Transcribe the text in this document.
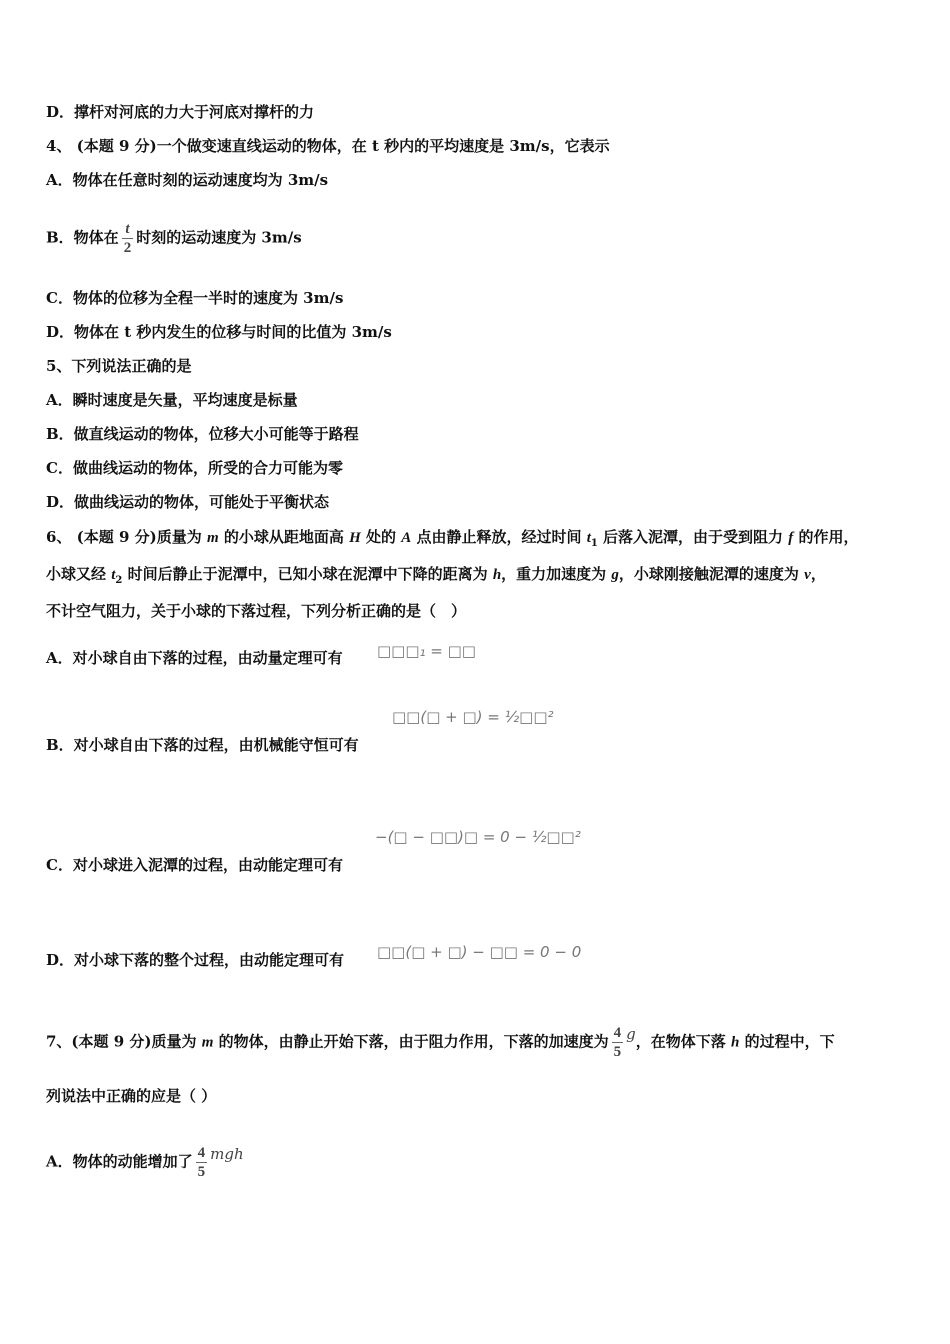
D．撑杆对河底的力大于河底对撑杆的力
4、 (本题 9 分)一个做变速直线运动的物体，在 t 秒内的平均速度是 3m/s，它表示
A．物体在任意时刻的运动速度均为 3m/s
B．物体在 $\frac{t}{2}$ 时刻的运动速度为 3m/s
C．物体的位移为全程一半时的速度为 3m/s
D．物体在 t 秒内发生的位移与时间的比值为 3m/s
5、下列说法正确的是
A．瞬时速度是矢量，平均速度是标量
B．做直线运动的物体，位移大小可能等于路程
C．做曲线运动的物体，所受的合力可能为零
D．做曲线运动的物体，可能处于平衡状态
6、 (本题 9 分)质量为 m 的小球从距地面高 H 处的 A 点由静止释放，经过时间 $t_1$ 后落入泥潭，由于受到阻力 f 的作用，
小球又经 $t_2$ 时间后静止于泥潭中，已知小球在泥潭中下降的距离为 h，重力加速度为 g，小球刚接触泥潭的速度为 v，
不计空气阻力，关于小球的下落过程，下列分析正确的是（　）
A．对小球自由下落的过程，由动量定理可有 □□□₁ = □□
□□(□ + □) = ½□□²
B．对小球自由下落的过程，由机械能守恒可有
−(□ − □□)□ = 0 − ½□□²
C．对小球进入泥潭的过程，由动能定理可有
D．对小球下落的整个过程，由动能定理可有 □□(□ + □) − □□ = 0 − 0
7、(本题 9 分)质量为 m 的物体，由静止开始下落，由于阻力作用，下落的加速度为 $\frac{4}{5}$ g，在物体下落 h 的过程中，下
列说法中正确的应是（ ）
A．物体的动能增加了 $\frac{4}{5}$ mgh
